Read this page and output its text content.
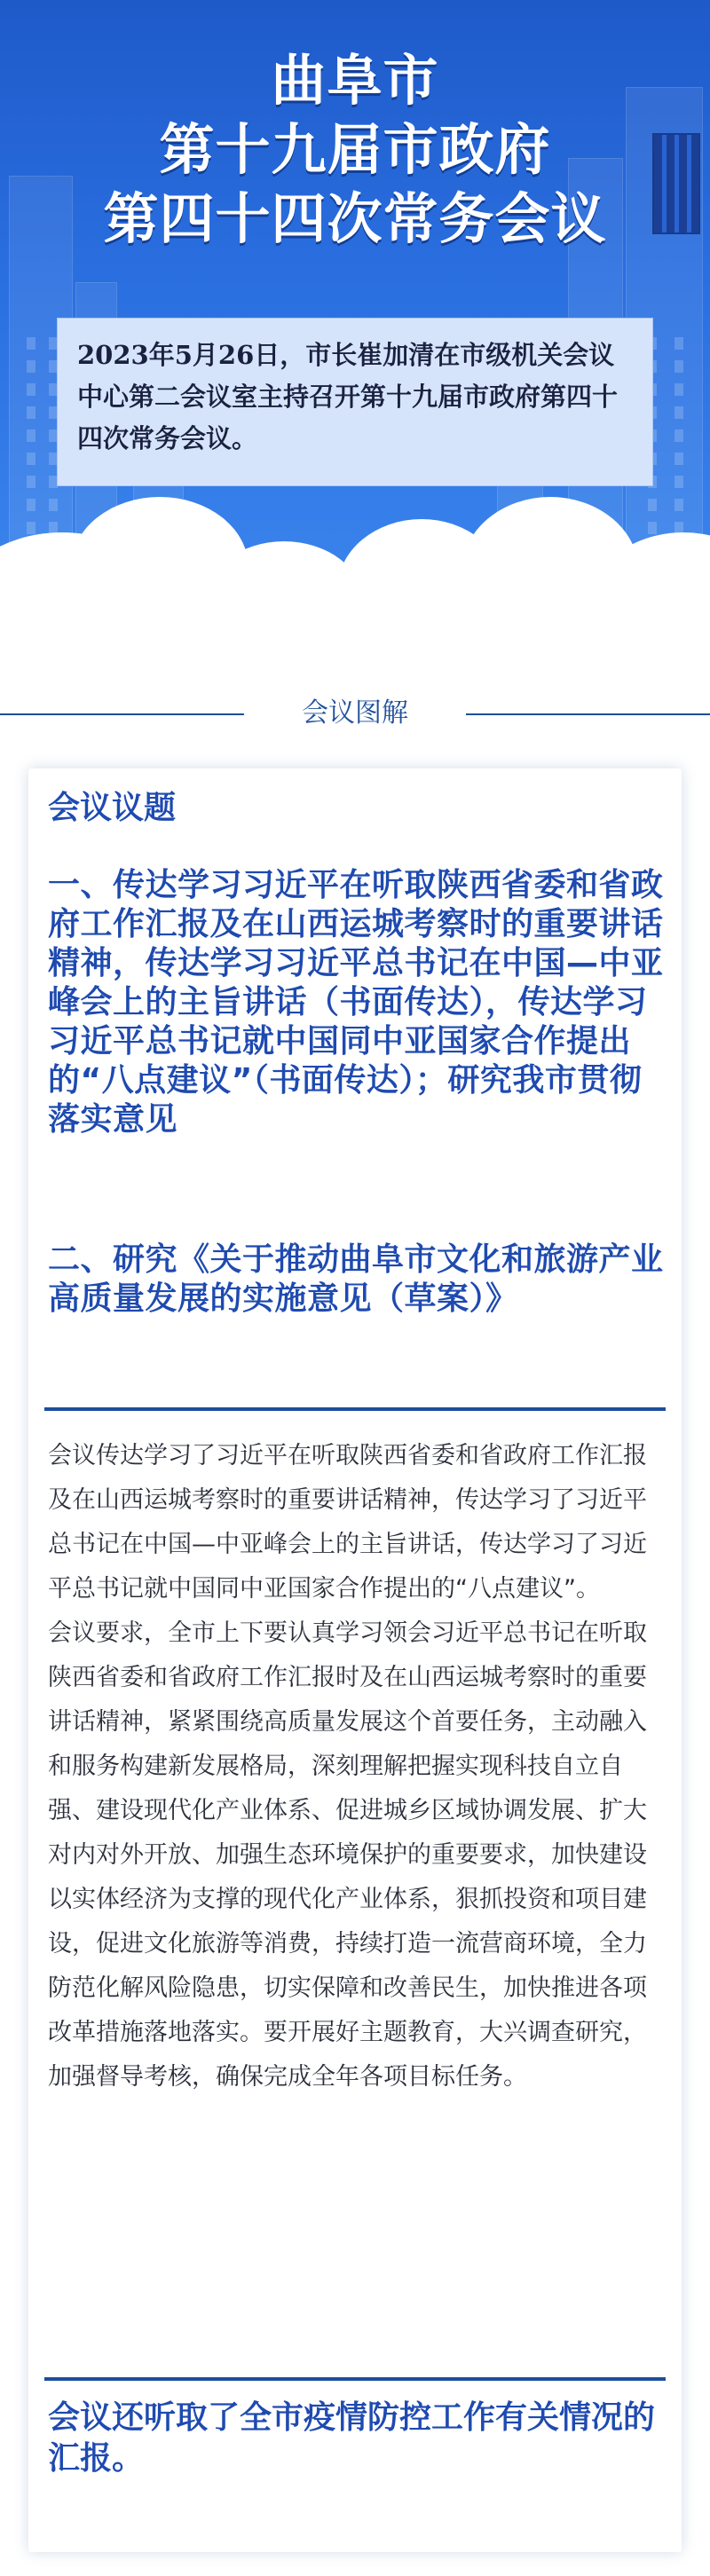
曲阜市
第十九届市政府
第四十四次常务会议

2023年5月26日，市长崔加清在市级机关会议中心第二会议室主持召开第十九届市政府第四十四次常务会议。

会议图解
会议议题
一、传达学习习近平在听取陕西省委和省政府工作汇报及在山西运城考察时的重要讲话精神，传达学习习近平总书记在中国—中亚峰会上的主旨讲话（书面传达），传达学习习近平总书记就中国同中亚国家合作提出的“八点建议”（书面传达）；研究我市贯彻落实意见
二、研究《关于推动曲阜市文化和旅游产业高质量发展的实施意见（草案）》

会议传达学习了习近平在听取陕西省委和省政府工作汇报及在山西运城考察时的重要讲话精神，传达学习了习近平总书记在中国—中亚峰会上的主旨讲话，传达学习了习近平总书记就中国同中亚国家合作提出的“八点建议”。

会议要求，全市上下要认真学习领会习近平总书记在听取陕西省委和省政府工作汇报时及在山西运城考察时的重要讲话精神，紧紧围绕高质量发展这个首要任务，主动融入和服务构建新发展格局，深刻理解把握实现科技自立自强、建设现代化产业体系、促进城乡区域协调发展、扩大对内对外开放、加强生态环境保护的重要要求，加快建设以实体经济为支撑的现代化产业体系，狠抓投资和项目建设，促进文化旅游等消费，持续打造一流营商环境，全力防范化解风险隐患，切实保障和改善民生，加快推进各项改革措施落地落实。要开展好主题教育，大兴调查研究，加强督导考核，确保完成全年各项目标任务。

会议还听取了全市疫情防控工作有关情况的汇报。
